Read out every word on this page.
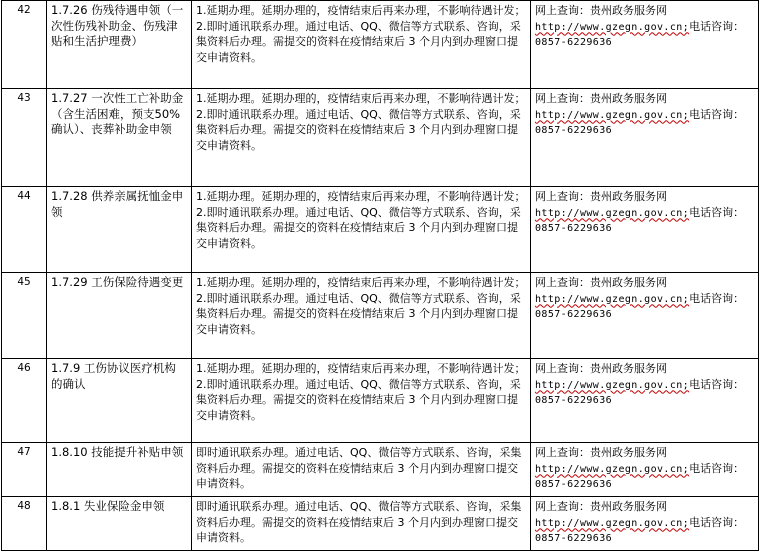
42	1.7.26 伤残待遇申领（一次性伤残补助金、伤残津贴和生活护理费）	1.延期办理。延期办理的，疫情结束后再来办理，不影响待遇计发；
2.即时通讯联系办理。通过电话、QQ、微信等方式联系、咨询，采集资料后办理。需提交的资料在疫情结束后 3 个月内到办理窗口提交申请资料。	网上查询：贵州政务服务网
http://www.gzegn.gov.cn;电话咨询：
0857-6229636

43	1.7.27 一次性工亡补助金（含生活困难，预支50%确认）、丧葬补助金申领	1.延期办理。延期办理的，疫情结束后再来办理，不影响待遇计发；
2.即时通讯联系办理。通过电话、QQ、微信等方式联系、咨询，采集资料后办理。需提交的资料在疫情结束后 3 个月内到办理窗口提交申请资料。	网上查询：贵州政务服务网
http://www.gzegn.gov.cn;电话咨询：
0857-6229636

44	1.7.28 供养亲属抚恤金申领	1.延期办理。延期办理的，疫情结束后再来办理，不影响待遇计发；
2.即时通讯联系办理。通过电话、QQ、微信等方式联系、咨询，采集资料后办理。需提交的资料在疫情结束后 3 个月内到办理窗口提交申请资料。	网上查询：贵州政务服务网
http://www.gzegn.gov.cn;电话咨询：
0857-6229636

45	1.7.29 工伤保险待遇变更	1.延期办理。延期办理的，疫情结束后再来办理，不影响待遇计发；
2.即时通讯联系办理。通过电话、QQ、微信等方式联系、咨询，采集资料后办理。需提交的资料在疫情结束后 3 个月内到办理窗口提交申请资料。	网上查询：贵州政务服务网
http://www.gzegn.gov.cn;电话咨询：
0857-6229636

46	1.7.9 工伤协议医疗机构的确认	1.延期办理。延期办理的，疫情结束后再来办理，不影响待遇计发；
2.即时通讯联系办理。通过电话、QQ、微信等方式联系、咨询，采集资料后办理。需提交的资料在疫情结束后 3 个月内到办理窗口提交申请资料。	网上查询：贵州政务服务网
http://www.gzegn.gov.cn;电话咨询：
0857-6229636

47	1.8.10 技能提升补贴申领	即时通讯联系办理。通过电话、QQ、微信等方式联系、咨询，采集资料后办理。需提交的资料在疫情结束后 3 个月内到办理窗口提交申请资料。	网上查询：贵州政务服务网
http://www.gzegn.gov.cn;电话咨询：
0857-6229636

48	1.8.1 失业保险金申领	即时通讯联系办理。通过电话、QQ、微信等方式联系、咨询，采集资料后办理。需提交的资料在疫情结束后 3 个月内到办理窗口提交申请资料。	网上查询：贵州政务服务网
http://www.gzegn.gov.cn;电话咨询：
0857-6229636
